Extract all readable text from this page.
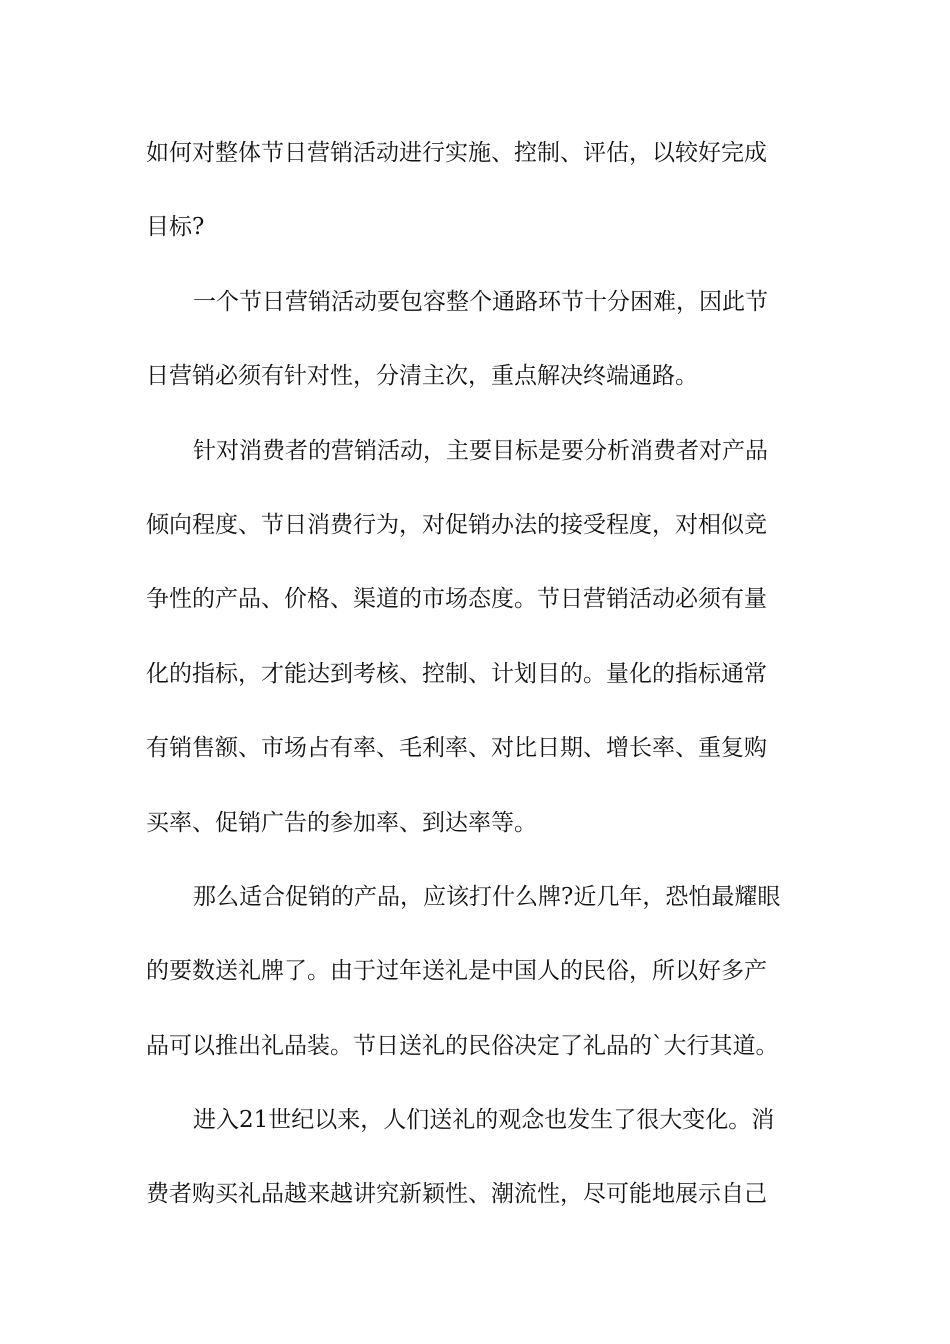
如何对整体节日营销活动进行实施、控制、评估，以较好完成
目标?
一个节日营销活动要包容整个通路环节十分困难，因此节
日营销必须有针对性，分清主次，重点解决终端通路。
针对消费者的营销活动，主要目标是要分析消费者对产品
倾向程度、节日消费行为，对促销办法的接受程度，对相似竞
争性的产品、价格、渠道的市场态度。节日营销活动必须有量
化的指标，才能达到考核、控制、计划目的。量化的指标通常
有销售额、市场占有率、毛利率、对比日期、增长率、重复购
买率、促销广告的参加率、到达率等。
那么适合促销的产品，应该打什么牌?近几年，恐怕最耀眼
的要数送礼牌了。由于过年送礼是中国人的民俗，所以好多产
品可以推出礼品装。节日送礼的民俗决定了礼品的`大行其道。
进入21世纪以来，人们送礼的观念也发生了很大变化。消
费者购买礼品越来越讲究新颖性、潮流性，尽可能地展示自己
